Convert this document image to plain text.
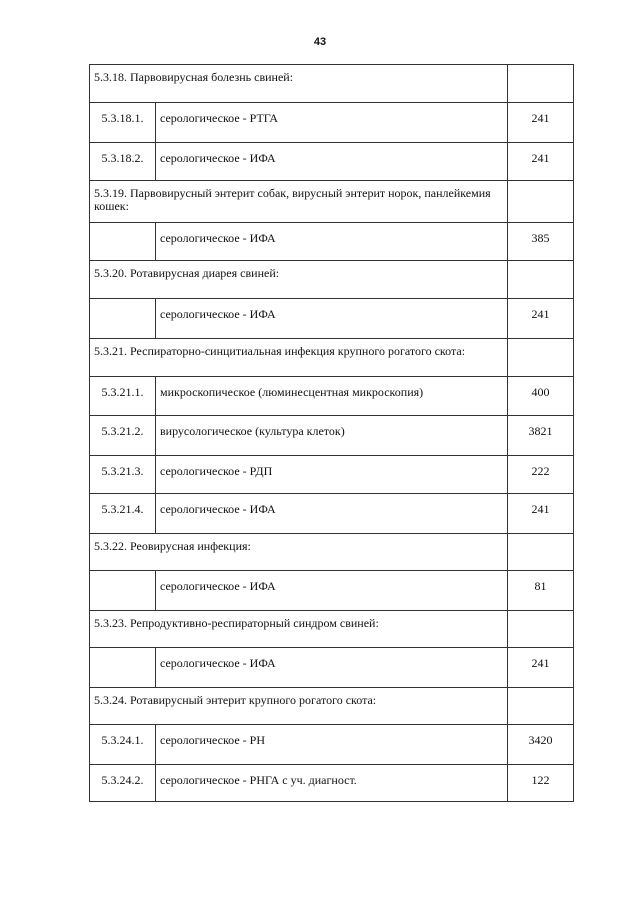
43
5.3.18. Парвовирусная болезнь свиней:		
5.3.18.1.	серологическое - РТГА	241
5.3.18.2.	серологическое - ИФА	241
5.3.19. Парвовирусный энтерит собак, вирусный энтерит норок, панлейкемия кошек:		
	серологическое - ИФА	385
5.3.20. Ротавирусная диарея свиней:		
	серологическое - ИФА	241
5.3.21. Респираторно-синцитиальная инфекция крупного рогатого скота:		
5.3.21.1.	микроскопическое (люминесцентная микроскопия)	400
5.3.21.2.	вирусологическое (культура клеток)	3821
5.3.21.3.	серологическое - РДП	222
5.3.21.4.	серологическое - ИФА	241
5.3.22. Реовирусная инфекция:		
	серологическое - ИФА	81
5.3.23. Репродуктивно-респираторный синдром свиней:		
	серологическое - ИФА	241
5.3.24. Ротавирусный энтерит крупного рогатого скота:		
5.3.24.1.	серологическое - РН	3420
5.3.24.2.	серологическое - РНГА с уч. диагност.	122
